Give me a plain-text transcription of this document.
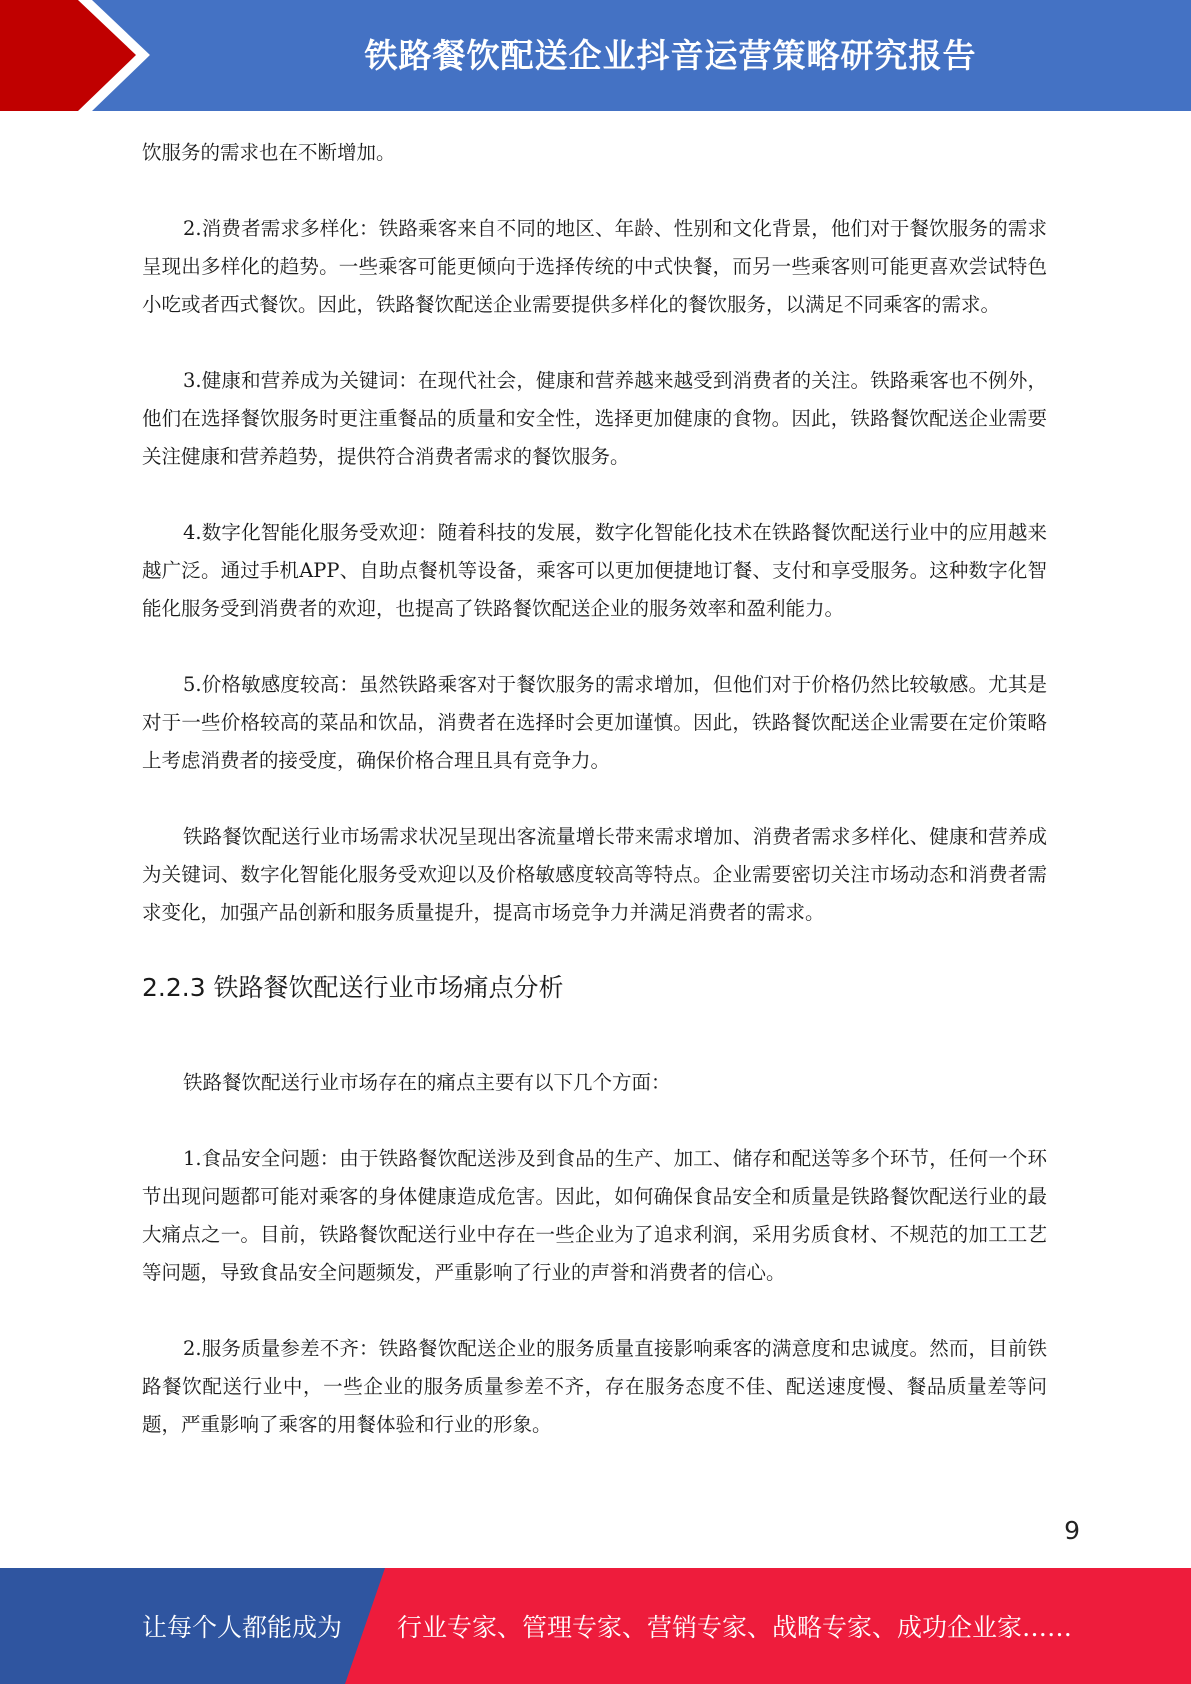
铁路餐饮配送企业抖音运营策略研究报告

饮服务的需求也在不断增加。

2.消费者需求多样化：铁路乘客来自不同的地区、年龄、性别和文化背景，他们对于餐饮服务的需求呈现出多样化的趋势。一些乘客可能更倾向于选择传统的中式快餐，而另一些乘客则可能更喜欢尝试特色小吃或者西式餐饮。因此，铁路餐饮配送企业需要提供多样化的餐饮服务，以满足不同乘客的需求。

3.健康和营养成为关键词：在现代社会，健康和营养越来越受到消费者的关注。铁路乘客也不例外，他们在选择餐饮服务时更注重餐品的质量和安全性，选择更加健康的食物。因此，铁路餐饮配送企业需要关注健康和营养趋势，提供符合消费者需求的餐饮服务。

4.数字化智能化服务受欢迎：随着科技的发展，数字化智能化技术在铁路餐饮配送行业中的应用越来越广泛。通过手机APP、自助点餐机等设备，乘客可以更加便捷地订餐、支付和享受服务。这种数字化智能化服务受到消费者的欢迎，也提高了铁路餐饮配送企业的服务效率和盈利能力。

5.价格敏感度较高：虽然铁路乘客对于餐饮服务的需求增加，但他们对于价格仍然比较敏感。尤其是对于一些价格较高的菜品和饮品，消费者在选择时会更加谨慎。因此，铁路餐饮配送企业需要在定价策略上考虑消费者的接受度，确保价格合理且具有竞争力。

铁路餐饮配送行业市场需求状况呈现出客流量增长带来需求增加、消费者需求多样化、健康和营养成为关键词、数字化智能化服务受欢迎以及价格敏感度较高等特点。企业需要密切关注市场动态和消费者需求变化，加强产品创新和服务质量提升，提高市场竞争力并满足消费者的需求。

2.2.3 铁路餐饮配送行业市场痛点分析

铁路餐饮配送行业市场存在的痛点主要有以下几个方面：

1.食品安全问题：由于铁路餐饮配送涉及到食品的生产、加工、储存和配送等多个环节，任何一个环节出现问题都可能对乘客的身体健康造成危害。因此，如何确保食品安全和质量是铁路餐饮配送行业的最大痛点之一。目前，铁路餐饮配送行业中存在一些企业为了追求利润，采用劣质食材、不规范的加工工艺等问题，导致食品安全问题频发，严重影响了行业的声誉和消费者的信心。

2.服务质量参差不齐：铁路餐饮配送企业的服务质量直接影响乘客的满意度和忠诚度。然而，目前铁路餐饮配送行业中，一些企业的服务质量参差不齐，存在服务态度不佳、配送速度慢、餐品质量差等问题，严重影响了乘客的用餐体验和行业的形象。

9
让每个人都能成为 行业专家、管理专家、营销专家、战略专家、成功企业家……
